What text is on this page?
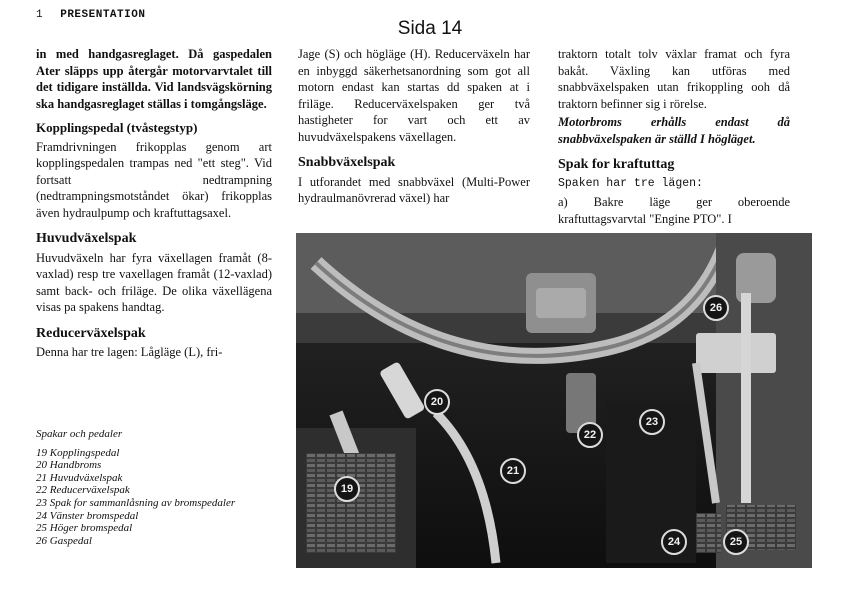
1 PRESENTATION
Sida 14

in med handgasreglaget. Då gaspedalen Ater släpps upp återgår motorvarvtalet till det tidigare inställda. Vid landsvägskörning ska handgasreglaget ställas i tomgångsläge.

Kopplingspedal (tvåstegstyp)

Framdrivningen frikopplas genom art kopplingspedalen trampas ned "ett steg". Vid fortsatt nedtrampning (nedtrampningsmotståndet ökar) frikopplas även hydraulpump och kraftuttagsaxel.

Huvudväxelspak

Huvudväxeln har fyra växellagen framåt (8-vaxlad) resp tre vaxellagen framåt (12-vaxlad) samt back- och friläge. De olika växellägena visas pa spakens handtag.

Reducerväxelspak

Denna har tre lagen: Lågläge (L), fri-

Spakar och pedaler
19 Kopplingspedal
20 Handbroms
21 Huvudväxelspak
22 Reducerväxelspak
23 Spak for sammanlåsning av bromspedaler
24 Vänster bromspedal
25 Höger bromspedal
26 Gaspedal

Jage (S) och högläge (H). Reducerväxeln har en inbyggd säkerhetsanordning som got all motorn endast kan startas dd spaken at i friläge. Reducerväxelspaken ger två hastigheter for vart och ett av huvudväxelspakens växellagen.

Snabbväxelspak

I utforandet med snabbväxel (Multi-Power hydraulmanövrerad växel) har

traktorn totalt tolv växlar framat och fyra bakåt. Växling kan utföras med snabbväxelspaken utan frikoppling ooh då traktorn befinner sig i rörelse.

Motorbroms erhålls endast då snabbväxelspaken är ställd I högläget.

Spak for kraftuttag

Spaken har tre lägen:

a) Bakre läge ger oberoende kraftuttagsvarvtal "Engine PTO". I

19
20
21
22
23
24	25
26
